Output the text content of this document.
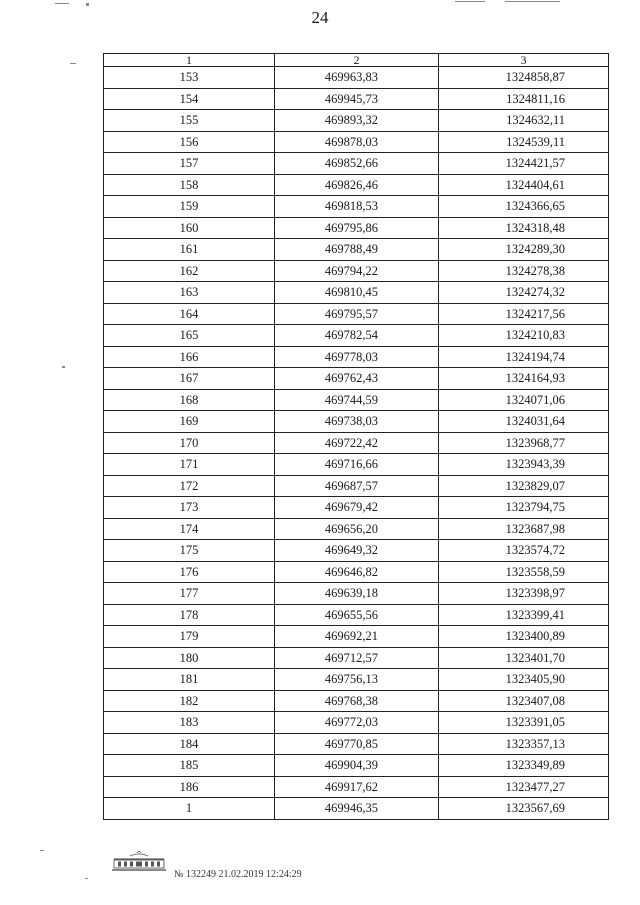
24
1	2	3
153	469963,83	1324858,87
154	469945,73	1324811,16
155	469893,32	1324632,11
156	469878,03	1324539,11
157	469852,66	1324421,57
158	469826,46	1324404,61
159	469818,53	1324366,65
160	469795,86	1324318,48
161	469788,49	1324289,30
162	469794,22	1324278,38
163	469810,45	1324274,32
164	469795,57	1324217,56
165	469782,54	1324210,83
166	469778,03	1324194,74
167	469762,43	1324164,93
168	469744,59	1324071,06
169	469738,03	1324031,64
170	469722,42	1323968,77
171	469716,66	1323943,39
172	469687,57	1323829,07
173	469679,42	1323794,75
174	469656,20	1323687,98
175	469649,32	1323574,72
176	469646,82	1323558,59
177	469639,18	1323398,97
178	469655,56	1323399,41
179	469692,21	1323400,89
180	469712,57	1323401,70
181	469756,13	1323405,90
182	469768,38	1323407,08
183	469772,03	1323391,05
184	469770,85	1323357,13
185	469904,39	1323349,89
186	469917,62	1323477,27
1	469946,35	1323567,69
№ 132249 21.02.2019 12:24:29
